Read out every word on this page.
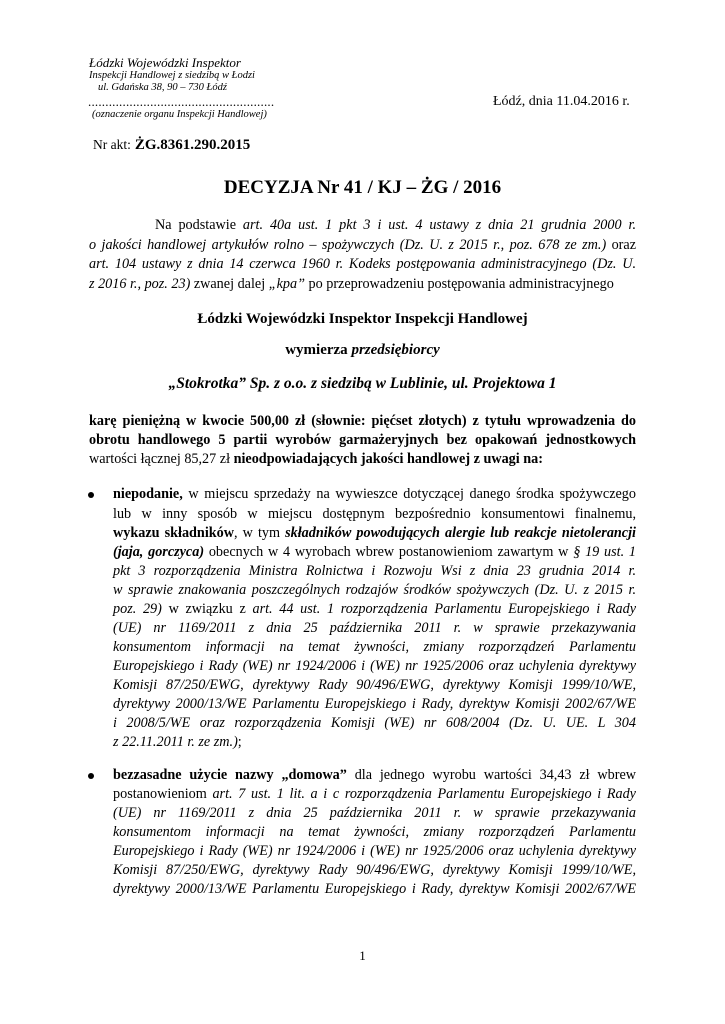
Łódzki Wojewódzki Inspektor
Inspekcji Handlowej z siedzibą w Łodzi
ul. Gdańska 38, 90 – 730 Łódź
......................................................
(oznaczenie organu Inspekcji Handlowej)
Łódź, dnia 11.04.2016 r.
Nr akt: ŻG.8361.290.2015
DECYZJA Nr 41 / KJ – ŻG / 2016
Na podstawie art. 40a ust. 1 pkt 3 i ust. 4 ustawy z dnia 21 grudnia 2000 r.
o jakości handlowej artykułów rolno – spożywczych (Dz. U. z 2015 r., poz. 678 ze zm.) oraz
art. 104 ustawy z dnia 14 czerwca 1960 r. Kodeks postępowania administracyjnego (Dz. U.
z 2016 r., poz. 23) zwanej dalej „kpa” po przeprowadzeniu postępowania administracyjnego
Łódzki Wojewódzki Inspektor Inspekcji Handlowej
wymierza przedsiębiorcy
„Stokrotka” Sp. z o.o. z siedzibą w Lublinie, ul. Projektowa 1
karę pieniężną w kwocie 500,00 zł (słownie: pięćset złotych) z tytułu wprowadzenia do
obrotu handlowego 5 partii wyrobów garmażeryjnych bez opakowań jednostkowych
wartości łącznej 85,27 zł nieodpowiadających jakości handlowej z uwagi na:
niepodanie, w miejscu sprzedaży na wywieszce dotyczącej danego środka spożywczego
lub w inny sposób w miejscu dostępnym bezpośrednio konsumentowi finalnemu,
wykazu składników, w tym składników powodujących alergie lub reakcje nietolerancji
(jaja, gorczyca) obecnych w 4 wyrobach wbrew postanowieniom zawartym w § 19 ust. 1
pkt 3 rozporządzenia Ministra Rolnictwa i Rozwoju Wsi z dnia 23 grudnia 2014 r.
w sprawie znakowania poszczególnych rodzajów środków spożywczych (Dz. U. z 2015 r.
poz. 29) w związku z art. 44 ust. 1 rozporządzenia Parlamentu Europejskiego i Rady
(UE) nr 1169/2011 z dnia 25 października 2011 r. w sprawie przekazywania
konsumentom informacji na temat żywności, zmiany rozporządzeń Parlamentu
Europejskiego i Rady (WE) nr 1924/2006 i (WE) nr 1925/2006 oraz uchylenia dyrektywy
Komisji 87/250/EWG, dyrektywy Rady 90/496/EWG, dyrektywy Komisji 1999/10/WE,
dyrektywy 2000/13/WE Parlamentu Europejskiego i Rady, dyrektyw Komisji 2002/67/WE
i 2008/5/WE oraz rozporządzenia Komisji (WE) nr 608/2004 (Dz. U. UE. L 304
z 22.11.2011 r. ze zm.);
bezzasadne użycie nazwy „domowa” dla jednego wyrobu wartości 34,43 zł wbrew
postanowieniom art. 7 ust. 1 lit. a i c rozporządzenia Parlamentu Europejskiego i Rady
(UE) nr 1169/2011 z dnia 25 października 2011 r. w sprawie przekazywania
konsumentom informacji na temat żywności, zmiany rozporządzeń Parlamentu
Europejskiego i Rady (WE) nr 1924/2006 i (WE) nr 1925/2006 oraz uchylenia dyrektywy
Komisji 87/250/EWG, dyrektywy Rady 90/496/EWG, dyrektywy Komisji 1999/10/WE,
dyrektywy 2000/13/WE Parlamentu Europejskiego i Rady, dyrektyw Komisji 2002/67/WE
1
